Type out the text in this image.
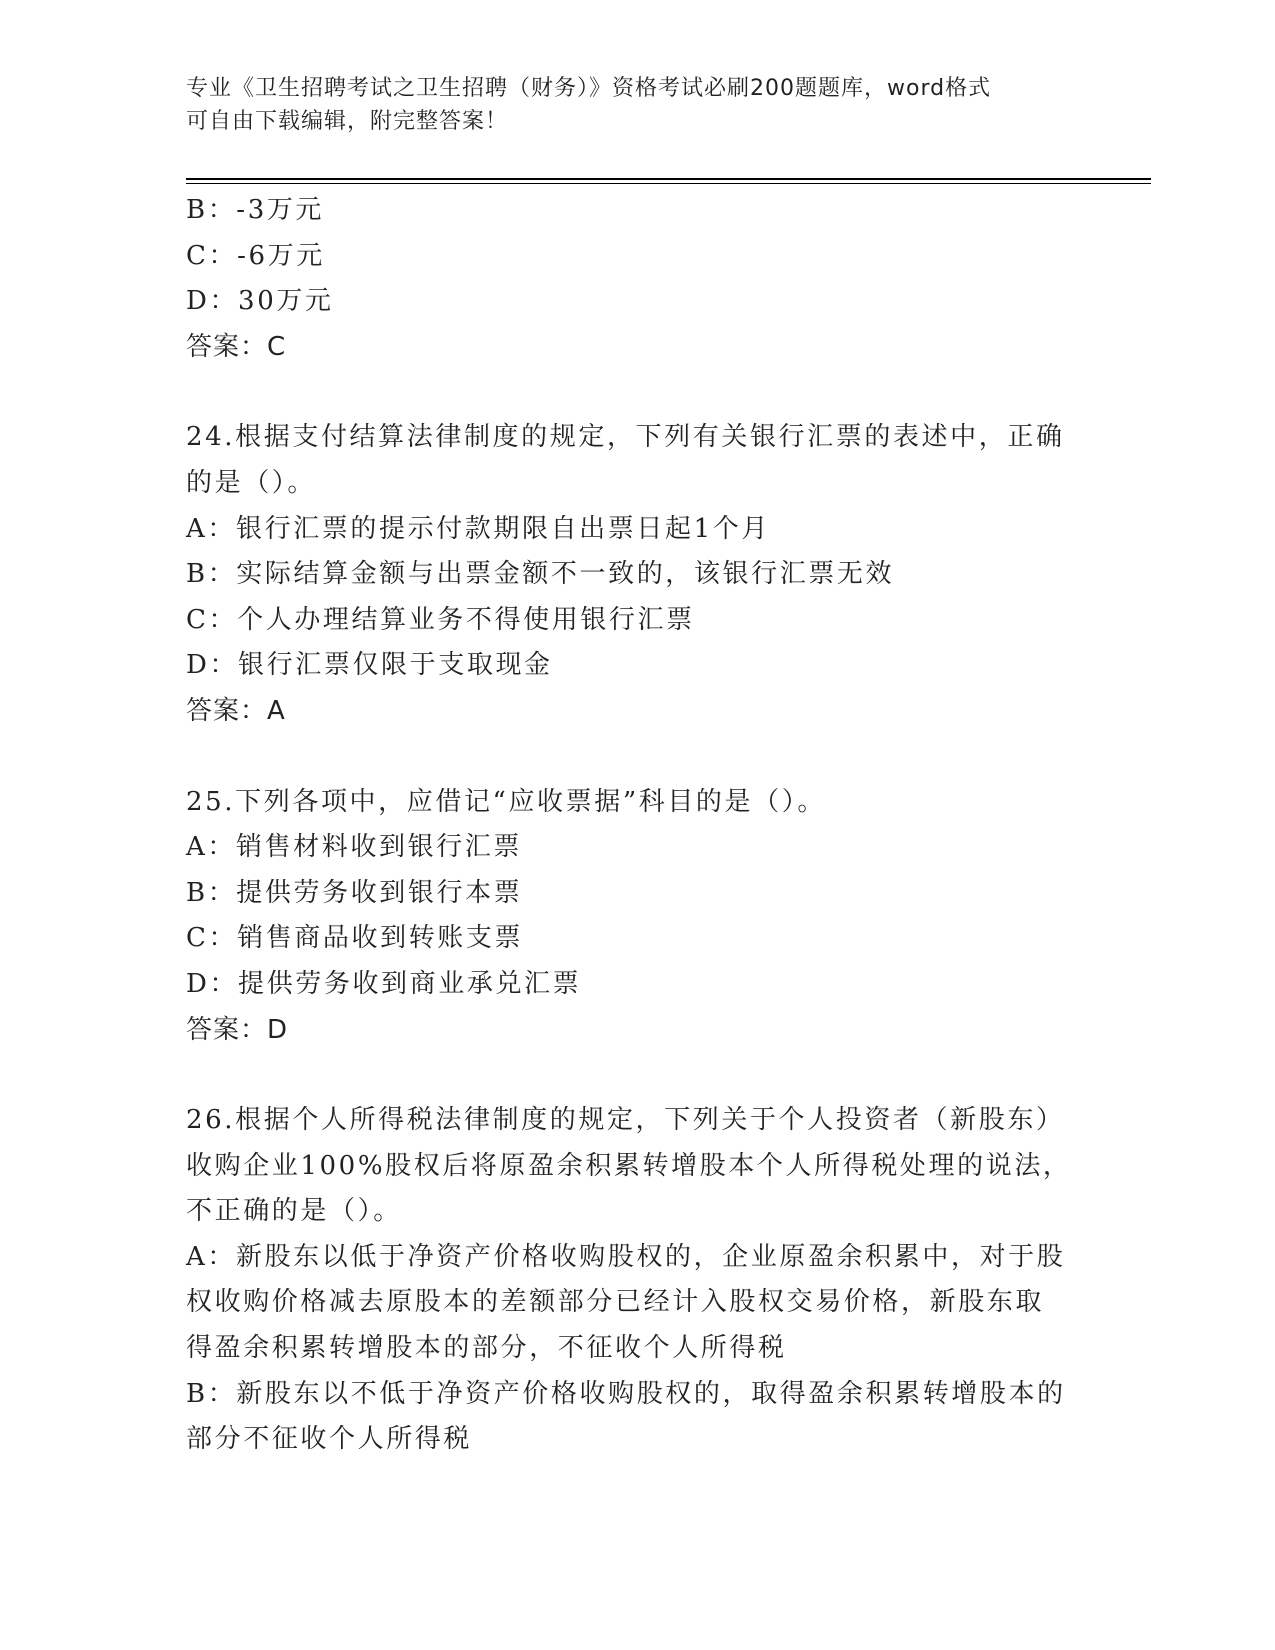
专业《卫生招聘考试之卫生招聘（财务）》资格考试必刷200题题库，word格式
可自由下载编辑，附完整答案！
B：-3万元
C：-6万元
D：30万元
答案：C
24.根据支付结算法律制度的规定，下列有关银行汇票的表述中，正确
的是（）。
A：银行汇票的提示付款期限自出票日起1个月
B：实际结算金额与出票金额不一致的，该银行汇票无效
C：个人办理结算业务不得使用银行汇票
D：银行汇票仅限于支取现金
答案：A
25.下列各项中，应借记“应收票据”科目的是（）。
A：销售材料收到银行汇票
B：提供劳务收到银行本票
C：销售商品收到转账支票
D：提供劳务收到商业承兑汇票
答案：D
26.根据个人所得税法律制度的规定，下列关于个人投资者（新股东）
收购企业100%股权后将原盈余积累转增股本个人所得税处理的说法，
不正确的是（）。
A：新股东以低于净资产价格收购股权的，企业原盈余积累中，对于股
权收购价格减去原股本的差额部分已经计入股权交易价格，新股东取
得盈余积累转增股本的部分，不征收个人所得税
B：新股东以不低于净资产价格收购股权的，取得盈余积累转增股本的
部分不征收个人所得税
